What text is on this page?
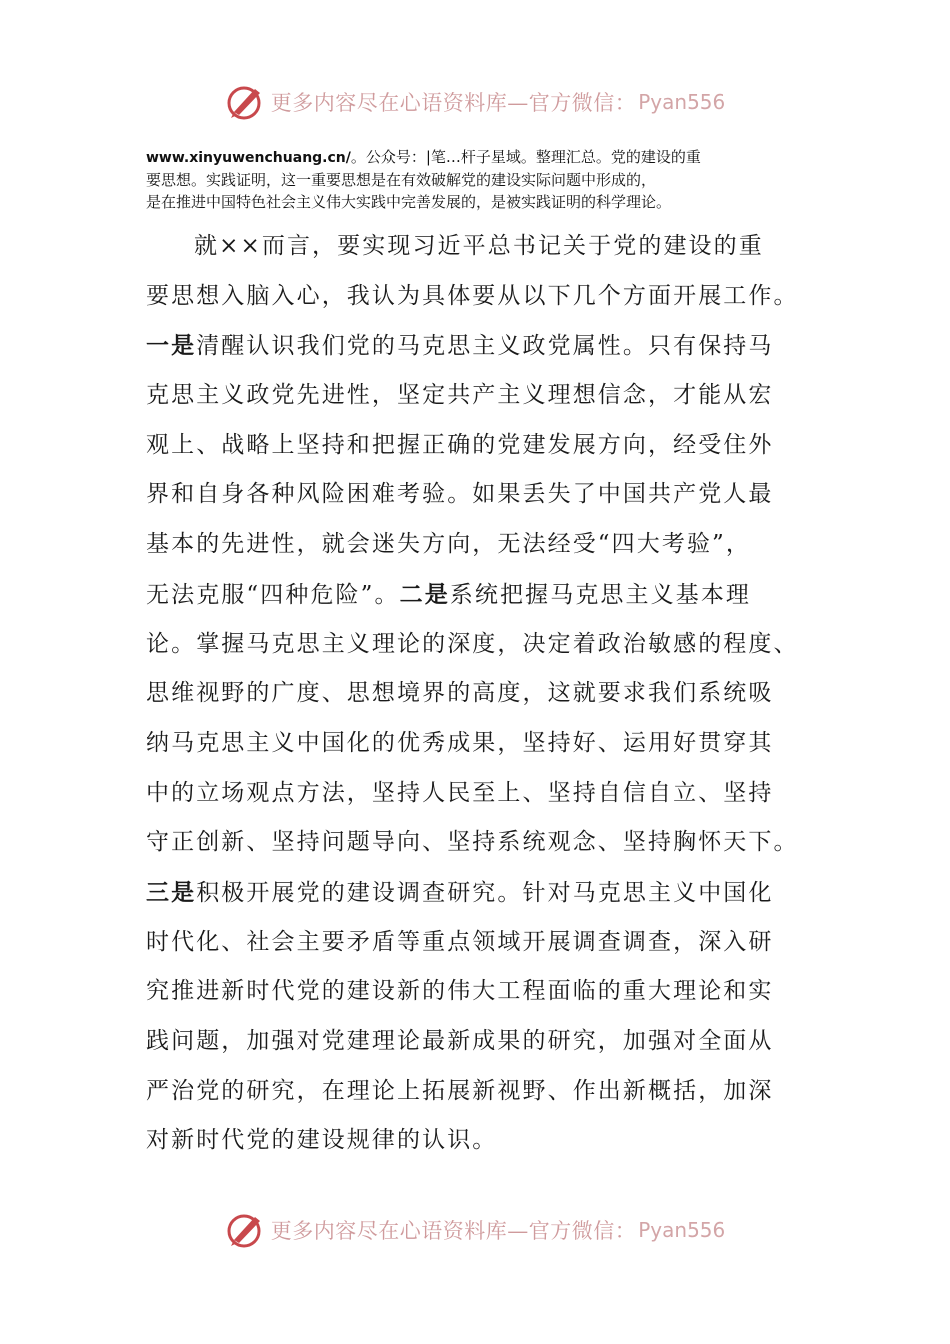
更多内容尽在心语资料库—官方微信： Pyan556
www.xinyuwenchuang.cn/。公众号：|笔…杆子星域。整理汇总。党的建设的重
要思想。实践证明，这一重要思想是在有效破解党的建设实际问题中形成的，
是在推进中国特色社会主义伟大实践中完善发展的，是被实践证明的科学理论。
就××而言，要实现习近平总书记关于党的建设的重
要思想入脑入心，我认为具体要从以下几个方面开展工作。
一是清醒认识我们党的马克思主义政党属性。只有保持马
克思主义政党先进性，坚定共产主义理想信念，才能从宏
观上、战略上坚持和把握正确的党建发展方向，经受住外
界和自身各种风险困难考验。如果丢失了中国共产党人最
基本的先进性，就会迷失方向，无法经受“四大考验”，
无法克服“四种危险”。二是系统把握马克思主义基本理
论。掌握马克思主义理论的深度，决定着政治敏感的程度、
思维视野的广度、思想境界的高度，这就要求我们系统吸
纳马克思主义中国化的优秀成果，坚持好、运用好贯穿其
中的立场观点方法，坚持人民至上、坚持自信自立、坚持
守正创新、坚持问题导向、坚持系统观念、坚持胸怀天下。
三是积极开展党的建设调查研究。针对马克思主义中国化
时代化、社会主要矛盾等重点领域开展调查调查，深入研
究推进新时代党的建设新的伟大工程面临的重大理论和实
践问题，加强对党建理论最新成果的研究，加强对全面从
严治党的研究，在理论上拓展新视野、作出新概括，加深
对新时代党的建设规律的认识。
更多内容尽在心语资料库—官方微信： Pyan556
